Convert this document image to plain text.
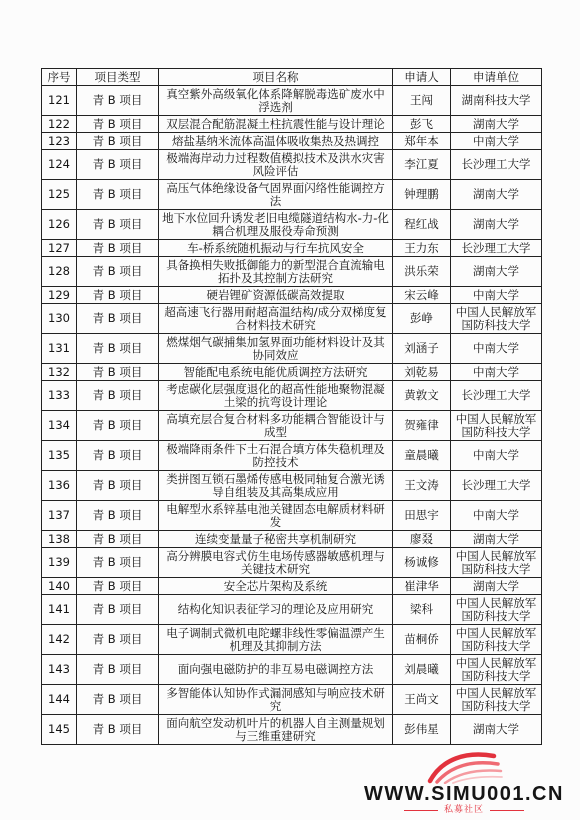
序号	项目类型	项目名称	申请人	申请单位
121	青 B 项目	真空紫外高级氧化体系降解脱毒选矿废水中浮选剂	王闯	湖南科技大学
122	青 B 项目	双层混合配筋混凝土柱抗震性能与设计理论	彭飞	湖南大学
123	青 B 项目	熔盐基纳米流体高温体吸收集热及热调控	郑年本	中南大学
124	青 B 项目	极端海岸动力过程数值模拟技术及洪水灾害风险评估	李江夏	长沙理工大学
125	青 B 项目	高压气体绝缘设备气固界面闪络性能调控方法	钟理鹏	湖南大学
126	青 B 项目	地下水位回升诱发老旧电缆隧道结构水-力-化耦合机理及服役寿命预测	程红战	湖南大学
127	青 B 项目	车-桥系统随机振动与行车抗风安全	王力东	长沙理工大学
128	青 B 项目	具备换相失败抵御能力的新型混合直流输电拓扑及其控制方法研究	洪乐荣	湖南大学
129	青 B 项目	硬岩锂矿资源低碳高效提取	宋云峰	中南大学
130	青 B 项目	超高速飞行器用耐超高温结构/成分双梯度复合材料技术研究	彭峥	中国人民解放军国防科技大学
131	青 B 项目	燃煤烟气碳捕集加氢界面功能材料设计及其协同效应	刘涵子	中南大学
132	青 B 项目	智能配电系统电能优质调控方法研究	刘乾易	中南大学
133	青 B 项目	考虑碳化层强度退化的超高性能地聚物混凝土梁的抗弯设计理论	黄敦文	长沙理工大学
134	青 B 项目	高填充层合复合材料多功能耦合智能设计与成型	贺雍律	中国人民解放军国防科技大学
135	青 B 项目	极端降雨条件下土石混合填方体失稳机理及防控技术	童晨曦	中南大学
136	青 B 项目	类拼图互锁石墨烯传感电极同轴复合激光诱导自组装及其高集成应用	王文涛	长沙理工大学
137	青 B 项目	电解型水系锌基电池关键固态电解质材料研发	田思宇	中南大学
138	青 B 项目	连续变量量子秘密共享机制研究	廖叕	湖南大学
139	青 B 项目	高分辨膜电容式仿生电场传感器敏感机理与关键技术研究	杨诚修	中国人民解放军国防科技大学
140	青 B 项目	安全芯片架构及系统	崔津华	湖南大学
141	青 B 项目	结构化知识表征学习的理论及应用研究	梁科	中国人民解放军国防科技大学
142	青 B 项目	电子调制式微机电陀螺非线性零偏温漂产生机理及其抑制方法	苗桐侨	中国人民解放军国防科技大学
143	青 B 项目	面向强电磁防护的非互易电磁调控方法	刘晨曦	中国人民解放军国防科技大学
144	青 B 项目	多智能体认知协作式漏洞感知与响应技术研究	王尚文	中国人民解放军国防科技大学
145	青 B 项目	面向航空发动机叶片的机器人自主测量规划与三维重建研究	彭伟星	湖南大学
WWW.SIMU001.CN
私募社区
